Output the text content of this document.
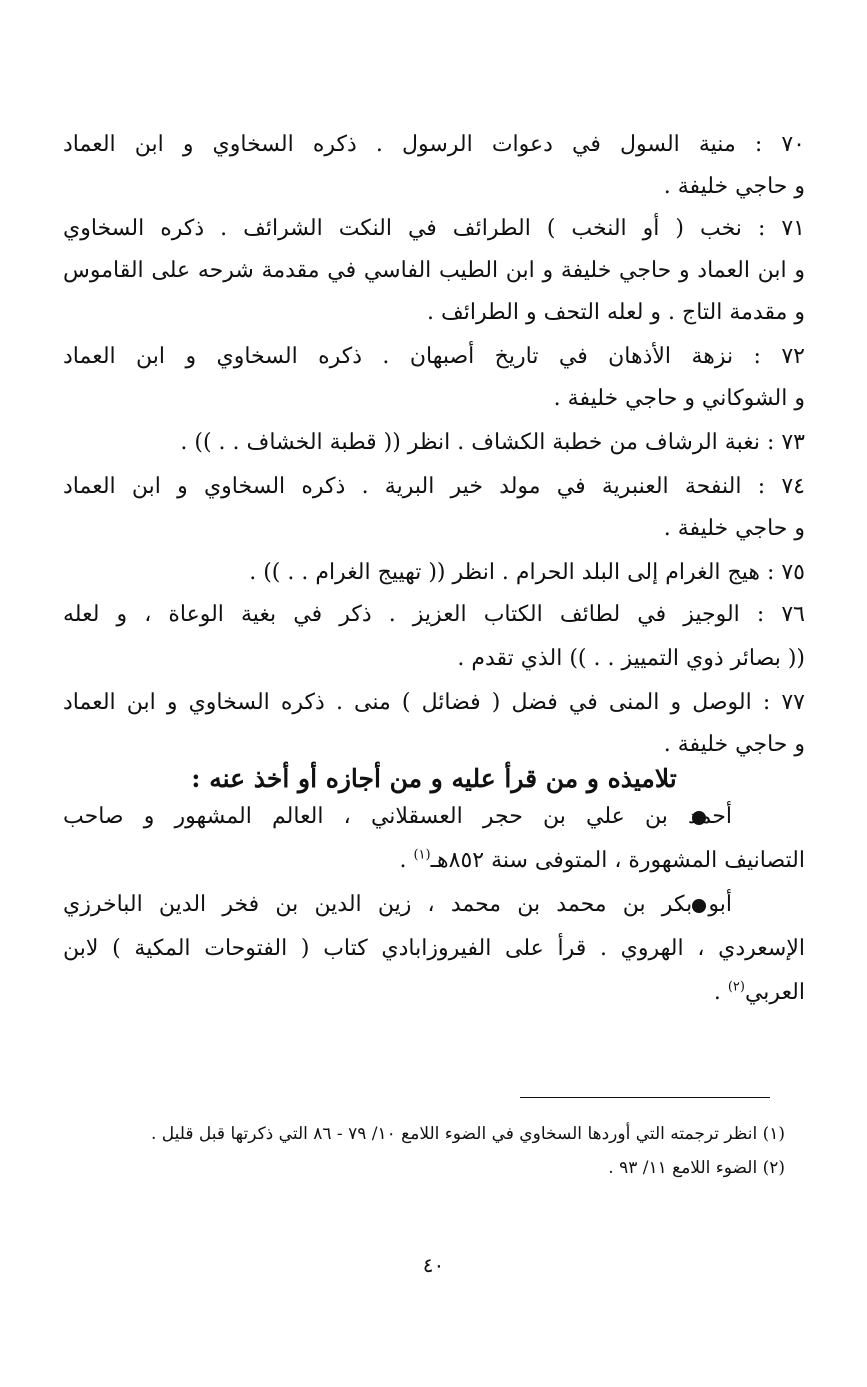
٧٠ : منية السول في دعوات الرسول . ذكره السخاوي و ابن العماد
و حاجي خليفة .
٧١ : نخب ( أو النخب ) الطرائف في النكت الشرائف . ذكره السخاوي
و ابن العماد و حاجي خليفة و ابن الطيب الفاسي في مقدمة شرحه على القاموس
و مقدمة التاج . و لعله التحف و الطرائف .
٧٢ : نزهة الأذهان في تاريخ أصبهان . ذكره السخاوي و ابن العماد
و الشوكاني و حاجي خليفة .
٧٣ : نغبة الرشاف من خطبة الكشاف . انظر (( قطبة الخشاف . . )) .
٧٤ : النفحة العنبرية في مولد خير البرية . ذكره السخاوي و ابن العماد
و حاجي خليفة .
٧٥ : هيج الغرام إلى البلد الحرام . انظر (( تهييج الغرام . . )) .
٧٦ : الوجيز في لطائف الكتاب العزيز . ذكر في بغية الوعاة ، و لعله
(( بصائر ذوي التمييز . . )) الذي تقدم .
٧٧ : الوصل و المنى في فضل ( فضائل ) منى . ذكره السخاوي و ابن العماد
و حاجي خليفة .
تلاميذه و من قرأ عليه و من أجازه أو أخذ عنه :
أحمد بن علي بن حجر العسقلاني ، العالم المشهور و صاحب
التصانيف المشهورة ، المتوفى سنة ٨٥٢هـ$^{(١)}$ .
أبو بكر بن محمد بن محمد ، زين الدين بن فخر الدين الباخرزي
الإسعردي ، الهروي . قرأ على الفيروزابادي كتاب ( الفتوحات المكية ) لابن
العربي$^{(٢)}$ .
(١) انظر ترجمته التي أوردها السخاوي في الضوء اللامع ١٠/ ٧٩ - ٨٦ التي ذكرتها قبل قليل .
(٢) الضوء اللامع ١١/ ٩٣ .
٤٠
